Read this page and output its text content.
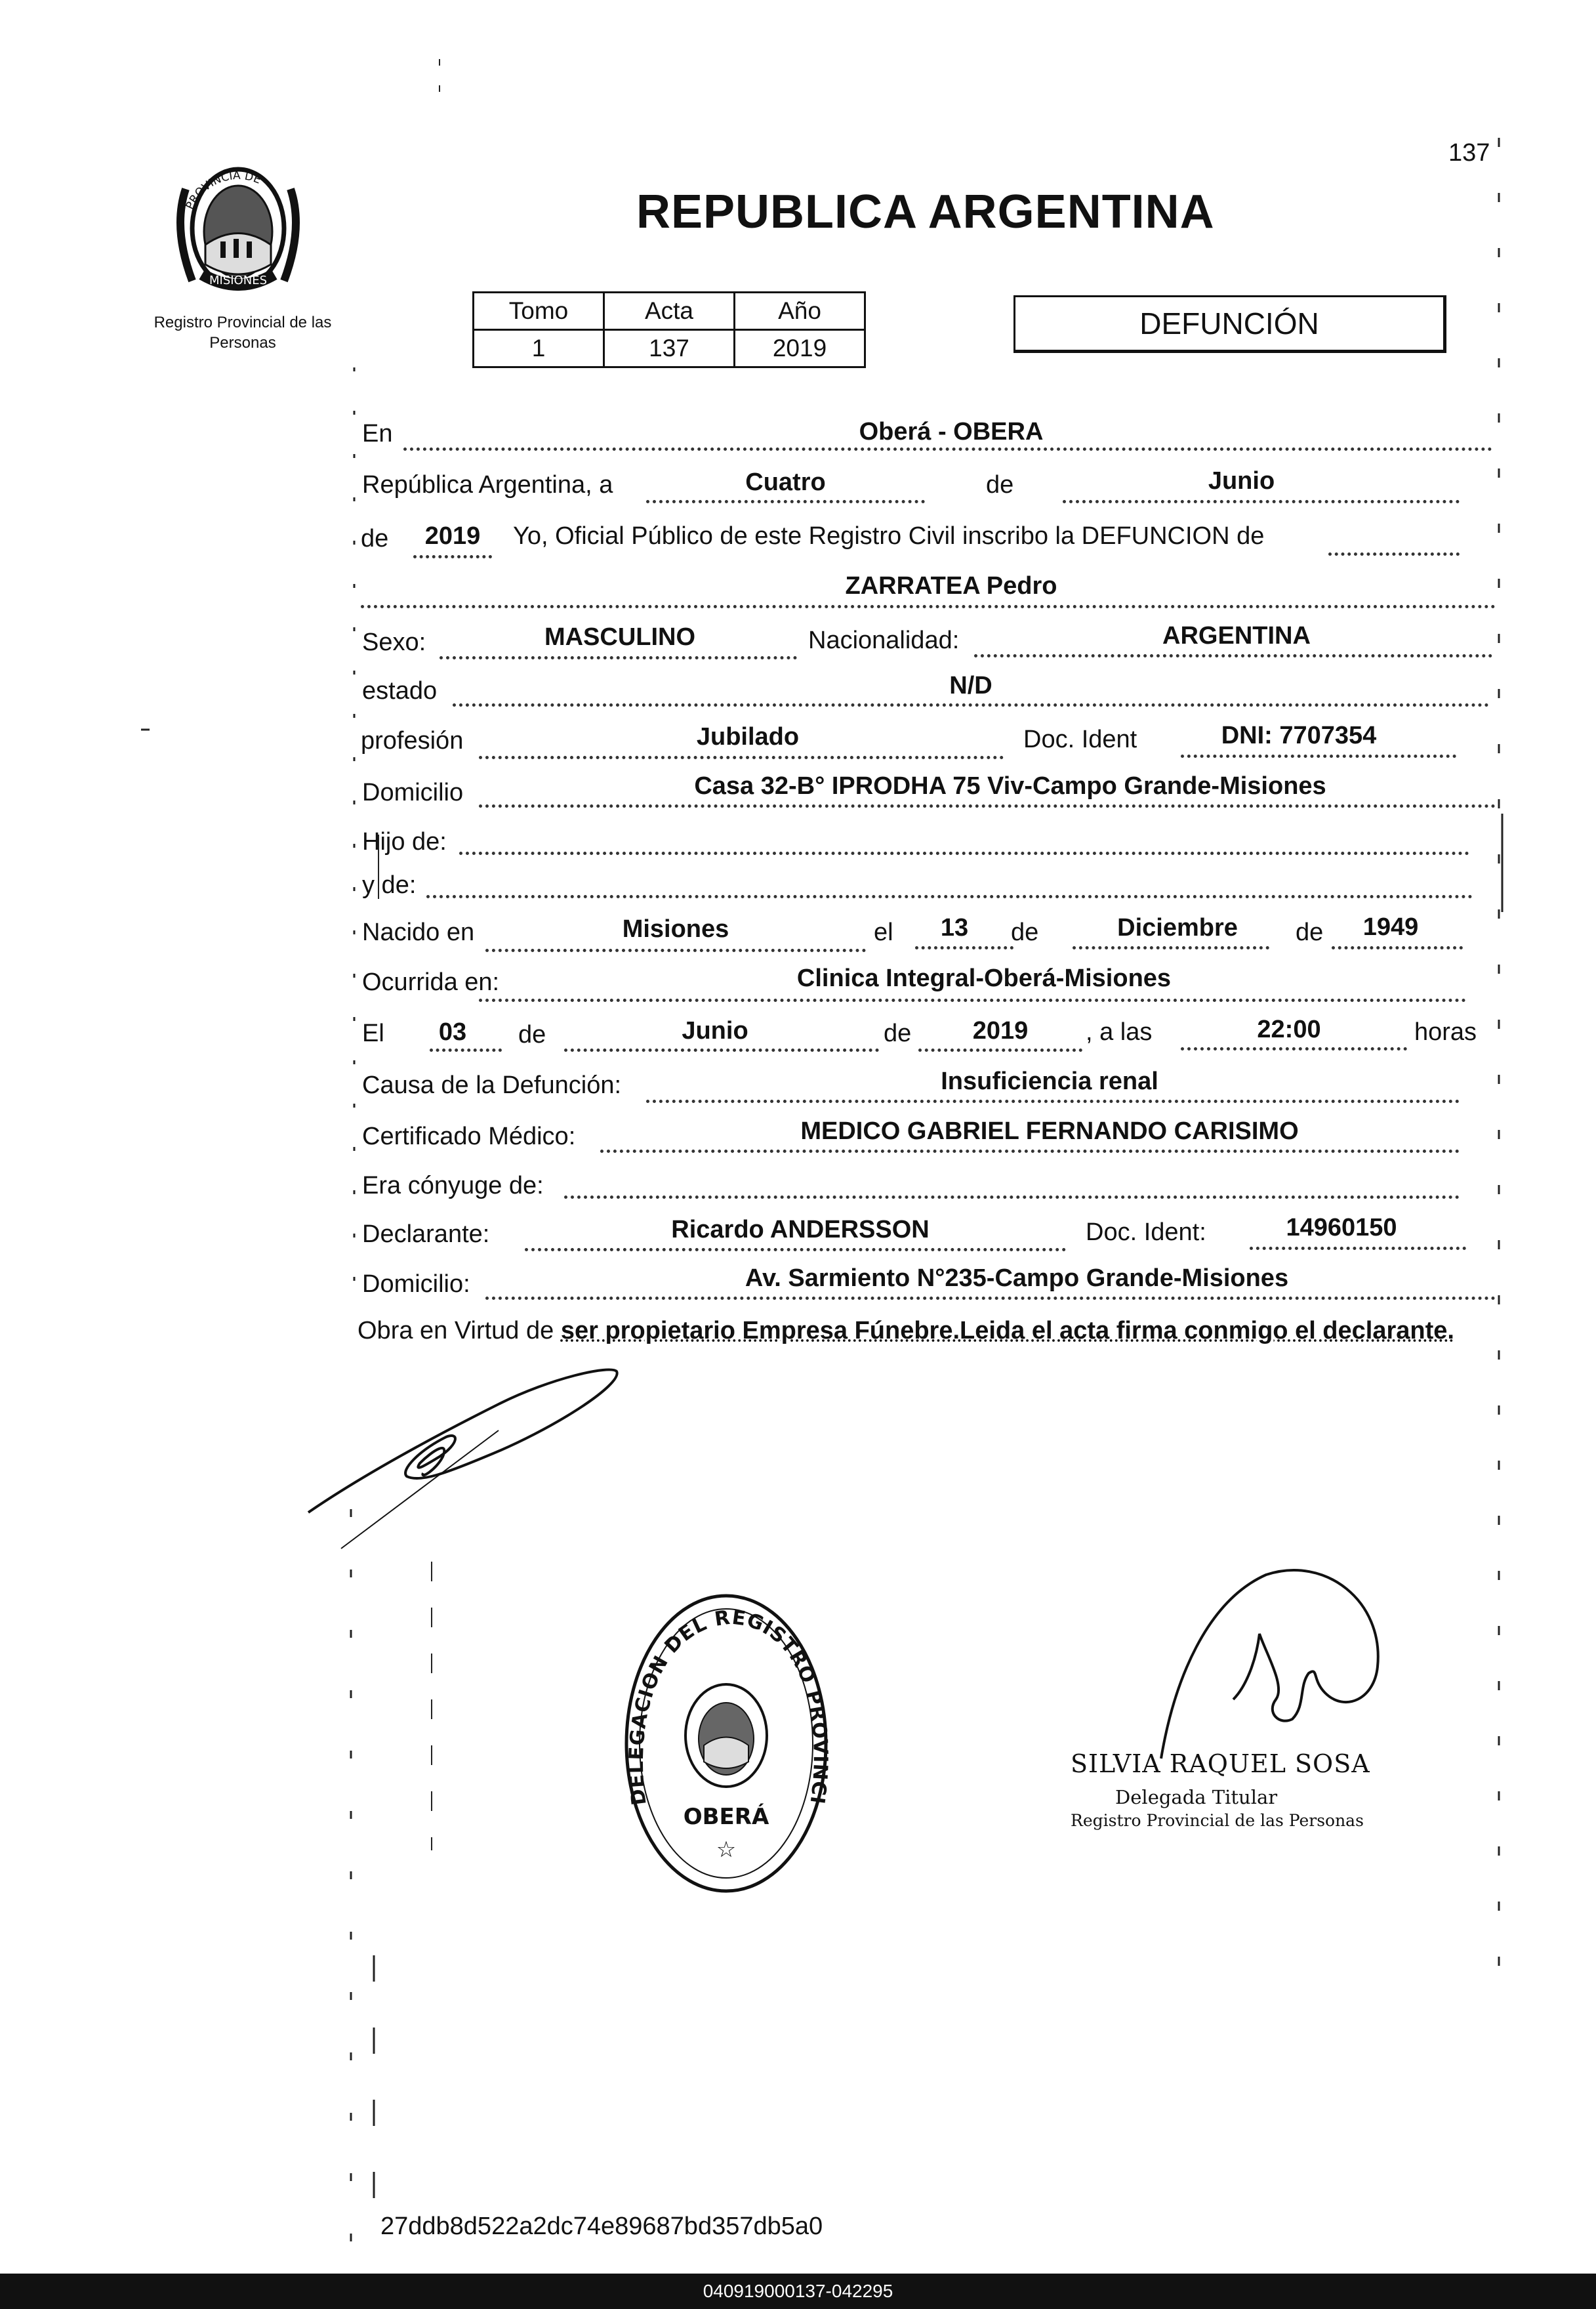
137
REPUBLICA ARGENTINA
PROVINCIA DE
MISIONES
Registro Provincial de las Personas
Tomo	Acta	Año
1	137	2019
DEFUNCIÓN
En	Oberá - OBERA
República Argentina, a	Cuatro	de	Junio
de	2019	Yo, Oficial Público de este Registro Civil inscribo la DEFUNCION de
ZARRATEA Pedro
Sexo:	MASCULINO	Nacionalidad:	ARGENTINA
estado	N/D
profesión	Jubilado	Doc. Ident	DNI: 7707354
Domicilio	Casa 32-B° IPRODHA 75 Viv-Campo Grande-Misiones
Hijo de:
y de:
Nacido en	Misiones	el	13	de	Diciembre	de	1949
Ocurrida en:	Clinica Integral-Oberá-Misiones
El	03	de	Junio	de	2019	, a las	22:00	horas
Causa de la Defunción:	Insuficiencia renal
Certificado Médico:	MEDICO GABRIEL FERNANDO CARISIMO
Era cónyuge de:
Declarante:	Ricardo ANDERSSON	Doc. Ident:	14960150
Domicilio:	Av. Sarmiento N°235-Campo Grande-Misiones
Obra en Virtud de ser propietario Empresa Fúnebre.Leida el acta firma conmigo el declarante.
DELEGACION DEL REGISTRO PROVINCIAL DE LAS PERSONAS
OBERÁ
☆
SILVIA RAQUEL SOSA
Delegada Titular
Registro Provincial de las Personas
27ddb8d522a2dc74e89687bd357db5a0
040919000137-042295
